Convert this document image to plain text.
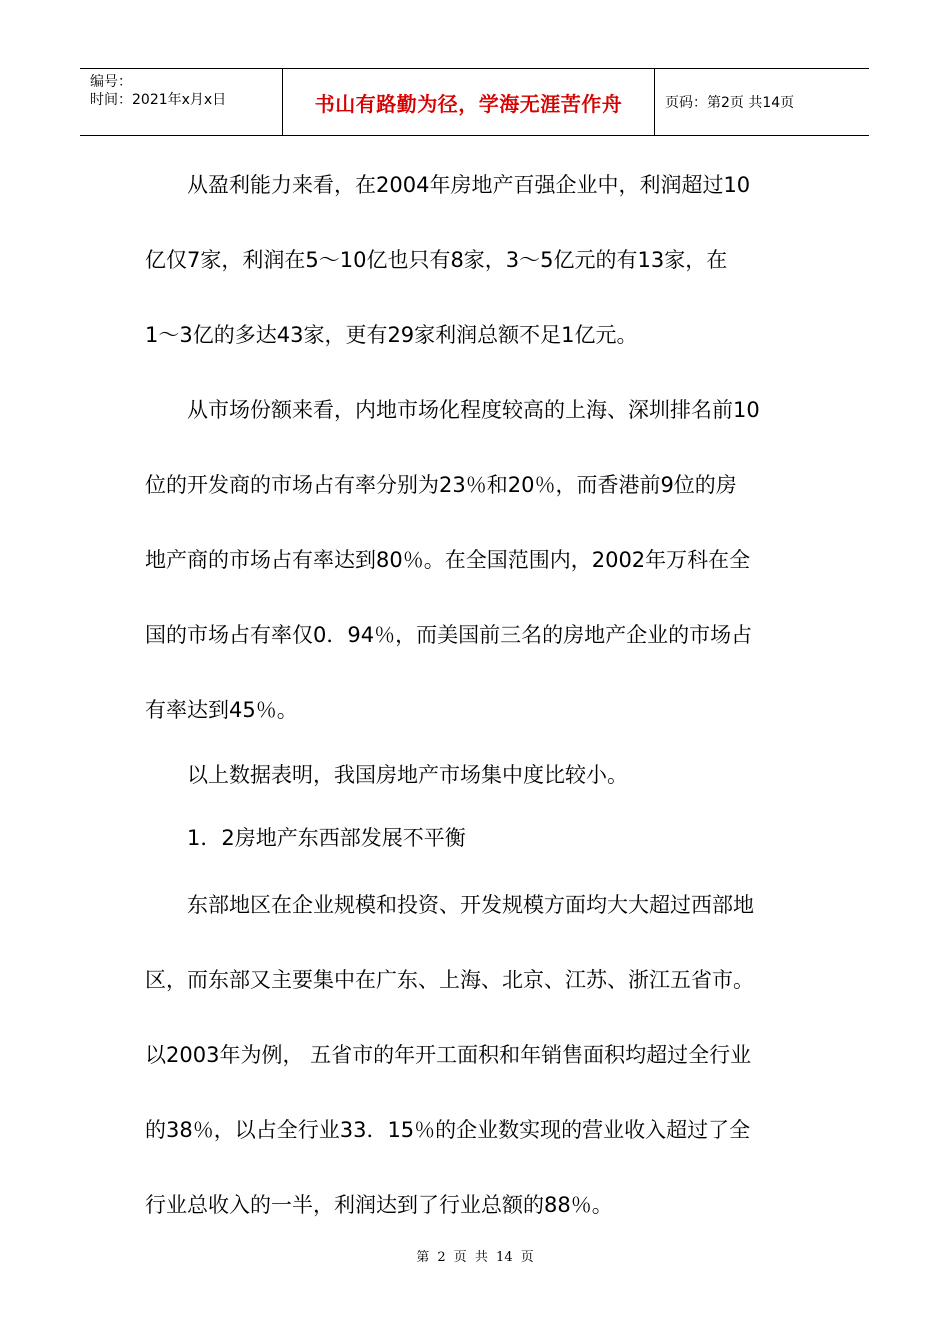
编号：
时间：2021年x月x日	书山有路勤为径，学海无涯苦作舟	页码：第2页 共14页

从盈利能力来看，在2004年房地产百强企业中，利润超过10
亿仅7家，利润在5～10亿也只有8家，3～5亿元的有13家，在
1～3亿的多达43家，更有29家利润总额不足1亿元。

从市场份额来看，内地市场化程度较高的上海、深圳排名前10
位的开发商的市场占有率分别为23％和20％，而香港前9位的房
地产商的市场占有率达到80％。在全国范围内，2002年万科在全
国的市场占有率仅0．94％，而美国前三名的房地产企业的市场占
有率达到45％。

以上数据表明，我国房地产市场集中度比较小。

1．2房地产东西部发展不平衡

东部地区在企业规模和投资、开发规模方面均大大超过西部地
区，而东部又主要集中在广东、上海、北京、江苏、浙江五省市。
以2003年为例， 五省市的年开工面积和年销售面积均超过全行业
的38％，以占全行业33．15％的企业数实现的营业收入超过了全
行业总收入的一半，利润达到了行业总额的88％。

第 2 页 共 14 页
